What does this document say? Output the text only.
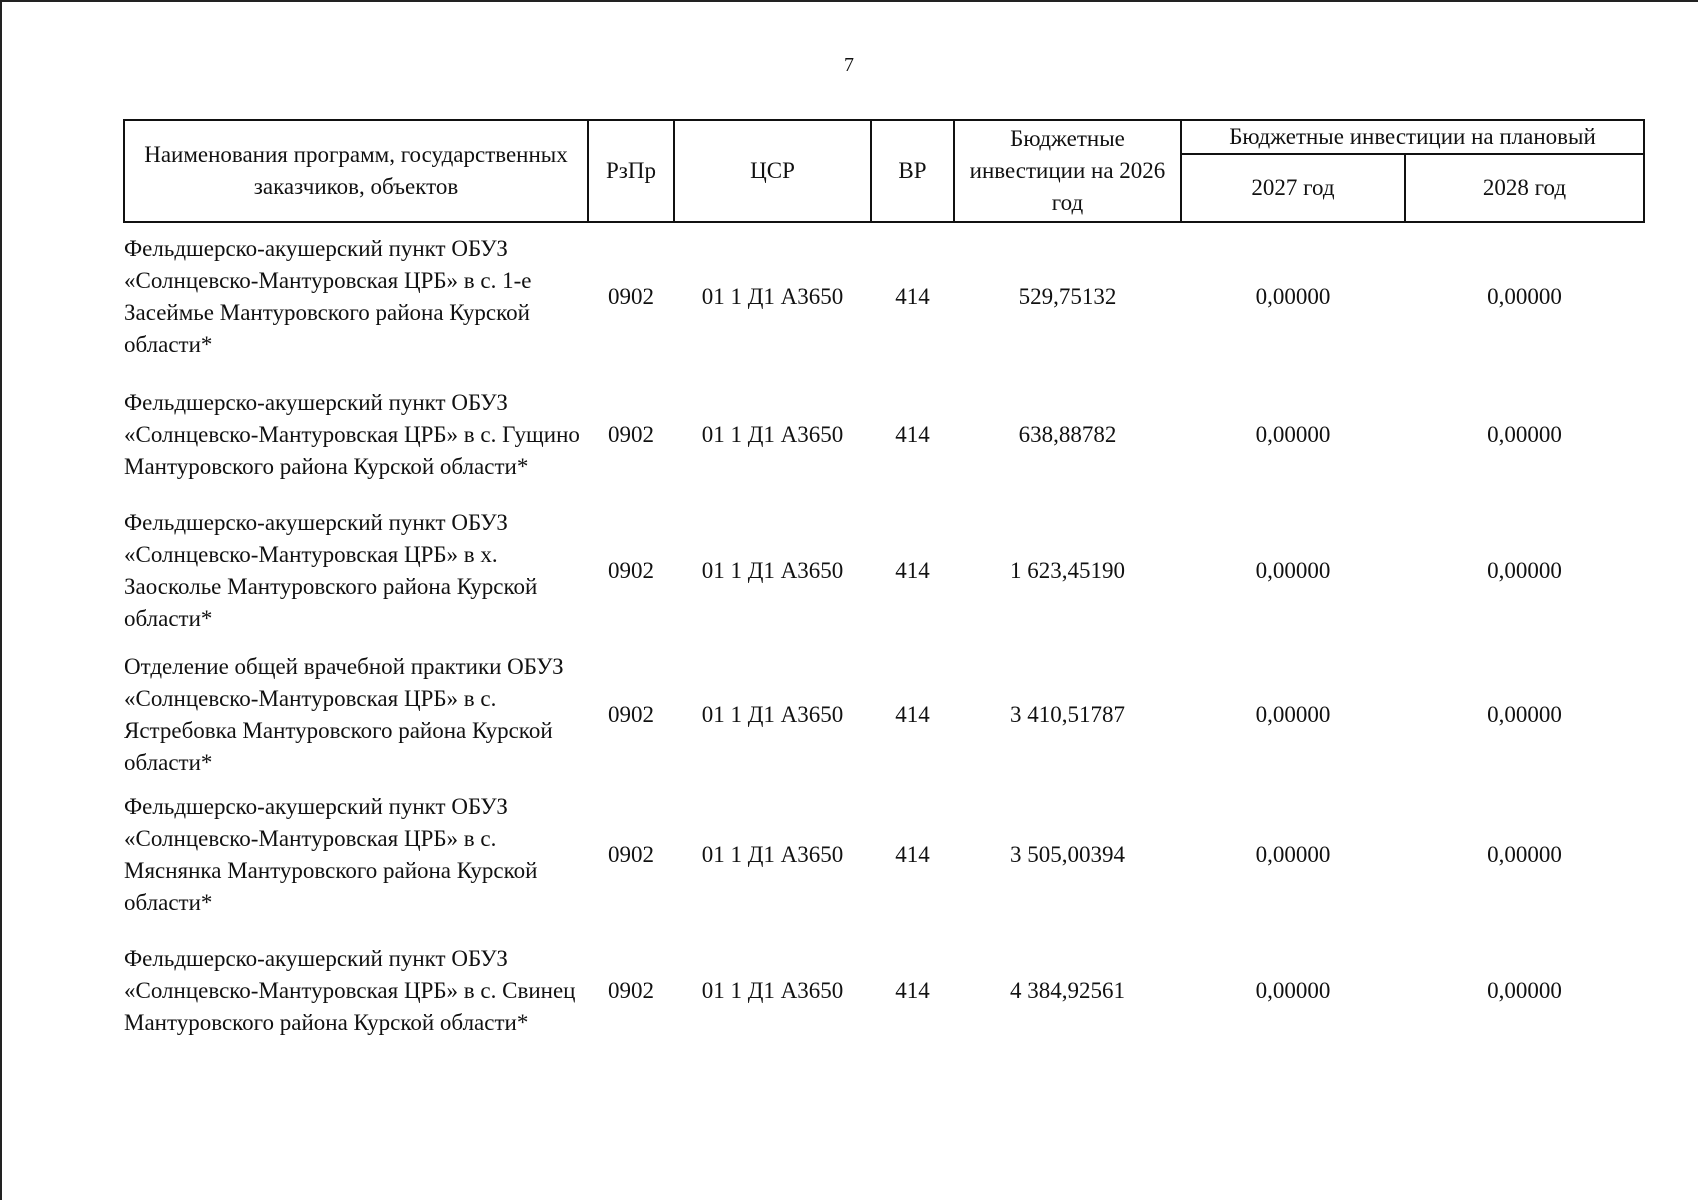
7
Наименования программ, государственных заказчиков, объектов	РзПр	ЦСР	ВР	Бюджетные инвестиции на 2026 год	Бюджетные инвестиции на плановый	
					2027 год	2028 год
Фельдшерско-акушерский пункт ОБУЗ «Солнцевско-Мантуровская ЦРБ» в с. 1-е Засеймье Мантуровского района Курской области*	0902	01 1 Д1 А3650	414	529,75132	0,00000	0,00000
Фельдшерско-акушерский пункт ОБУЗ «Солнцевско-Мантуровская ЦРБ» в с. Гущино Мантуровского района Курской области*	0902	01 1 Д1 А3650	414	638,88782	0,00000	0,00000
Фельдшерско-акушерский пункт ОБУЗ «Солнцевско-Мантуровская ЦРБ» в х. Заосколье Мантуровского района Курской области*	0902	01 1 Д1 А3650	414	1 623,45190	0,00000	0,00000
Отделение общей врачебной практики ОБУЗ «Солнцевско-Мантуровская ЦРБ» в с. Ястребовка Мантуровского района Курской области*	0902	01 1 Д1 А3650	414	3 410,51787	0,00000	0,00000
Фельдшерско-акушерский пункт ОБУЗ «Солнцевско-Мантуровская ЦРБ» в с. Мяснянка Мантуровского района Курской области*	0902	01 1 Д1 А3650	414	3 505,00394	0,00000	0,00000
Фельдшерско-акушерский пункт ОБУЗ «Солнцевско-Мантуровская ЦРБ» в с. Свинец Мантуровского района Курской области*	0902	01 1 Д1 А3650	414	4 384,92561	0,00000	0,00000
